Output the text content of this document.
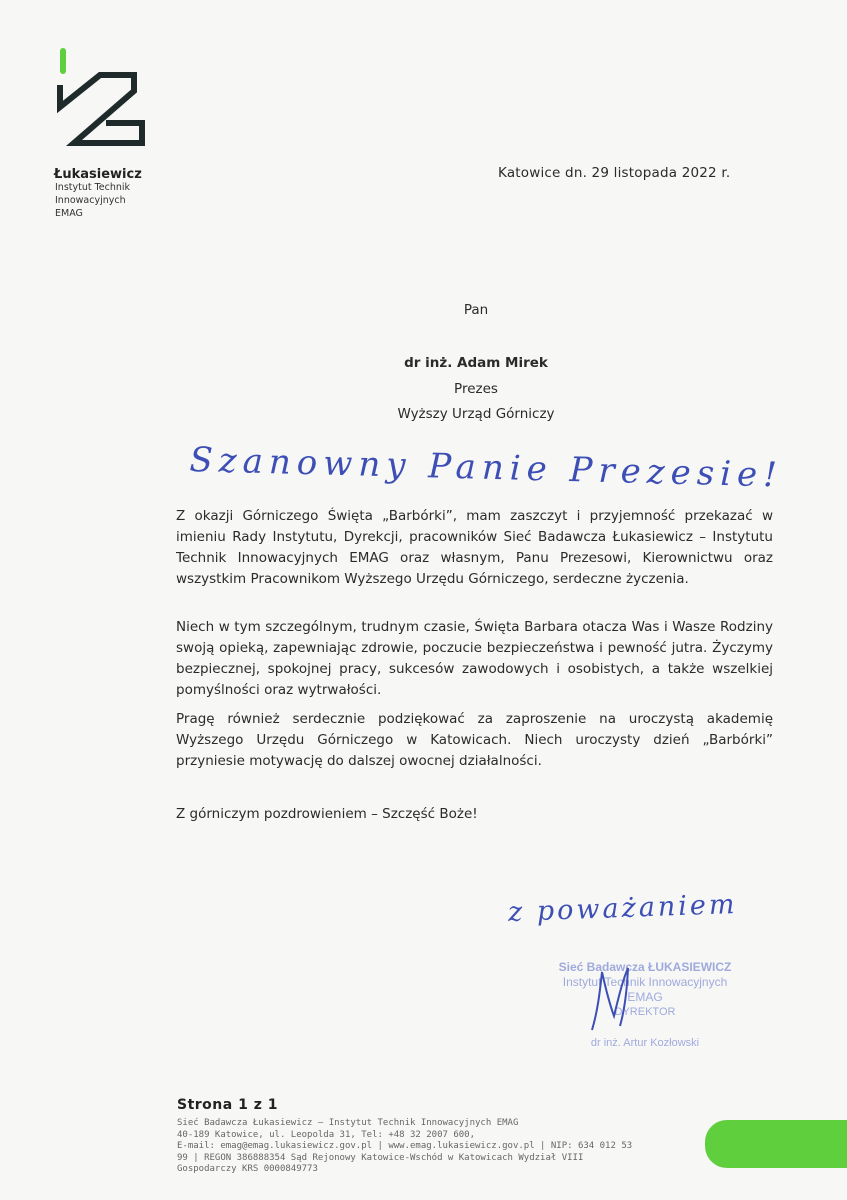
Łukasiewicz
Instytut Technik
Innowacyjnych
EMAG
Katowice dn. 29 listopada 2022 r.
Pan
dr inż. Adam Mirek
Prezes
Wyższy Urząd Górniczy
Szanowny Panie Prezesie!
Z okazji Górniczego Święta „Barbórki”, mam zaszczyt i przyjemność przekazać w imieniu Rady Instytutu, Dyrekcji, pracowników Sieć Badawcza Łukasiewicz – Instytutu Technik Innowacyjnych EMAG oraz własnym, Panu Prezesowi, Kierownictwu oraz wszystkim Pracownikom Wyższego Urzędu Górniczego, serdeczne życzenia.
Niech w tym szczególnym, trudnym czasie, Święta Barbara otacza Was i Wasze Rodziny swoją opieką, zapewniając zdrowie, poczucie bezpieczeństwa i pewność jutra. Życzymy bezpiecznej, spokojnej pracy, sukcesów zawodowych i osobistych, a także wszelkiej pomyślności oraz wytrwałości.
Pragę również serdecznie podziękować za zaproszenie na uroczystą akademię Wyższego Urzędu Górniczego w Katowicach. Niech uroczysty dzień „Barbórki” przyniesie motywację do dalszej owocnej działalności.
Z górniczym pozdrowieniem – Szczęść Boże!
z poważaniem
Sieć Badawcza ŁUKASIEWICZ
Instytut Technik Innowacyjnych
EMAG
DYREKTOR
dr inż. Artur Kozłowski
Strona 1 z 1
Sieć Badawcza Łukasiewicz – Instytut Technik Innowacyjnych EMAG
40-189 Katowice, ul. Leopolda 31, Tel: +48 32 2007 600,
E-mail: emag@emag.lukasiewicz.gov.pl | www.emag.lukasiewicz.gov.pl | NIP: 634 012 53
99 | REGON 386888354 Sąd Rejonowy Katowice-Wschód w Katowicach Wydział VIII
Gospodarczy KRS 0000849773
